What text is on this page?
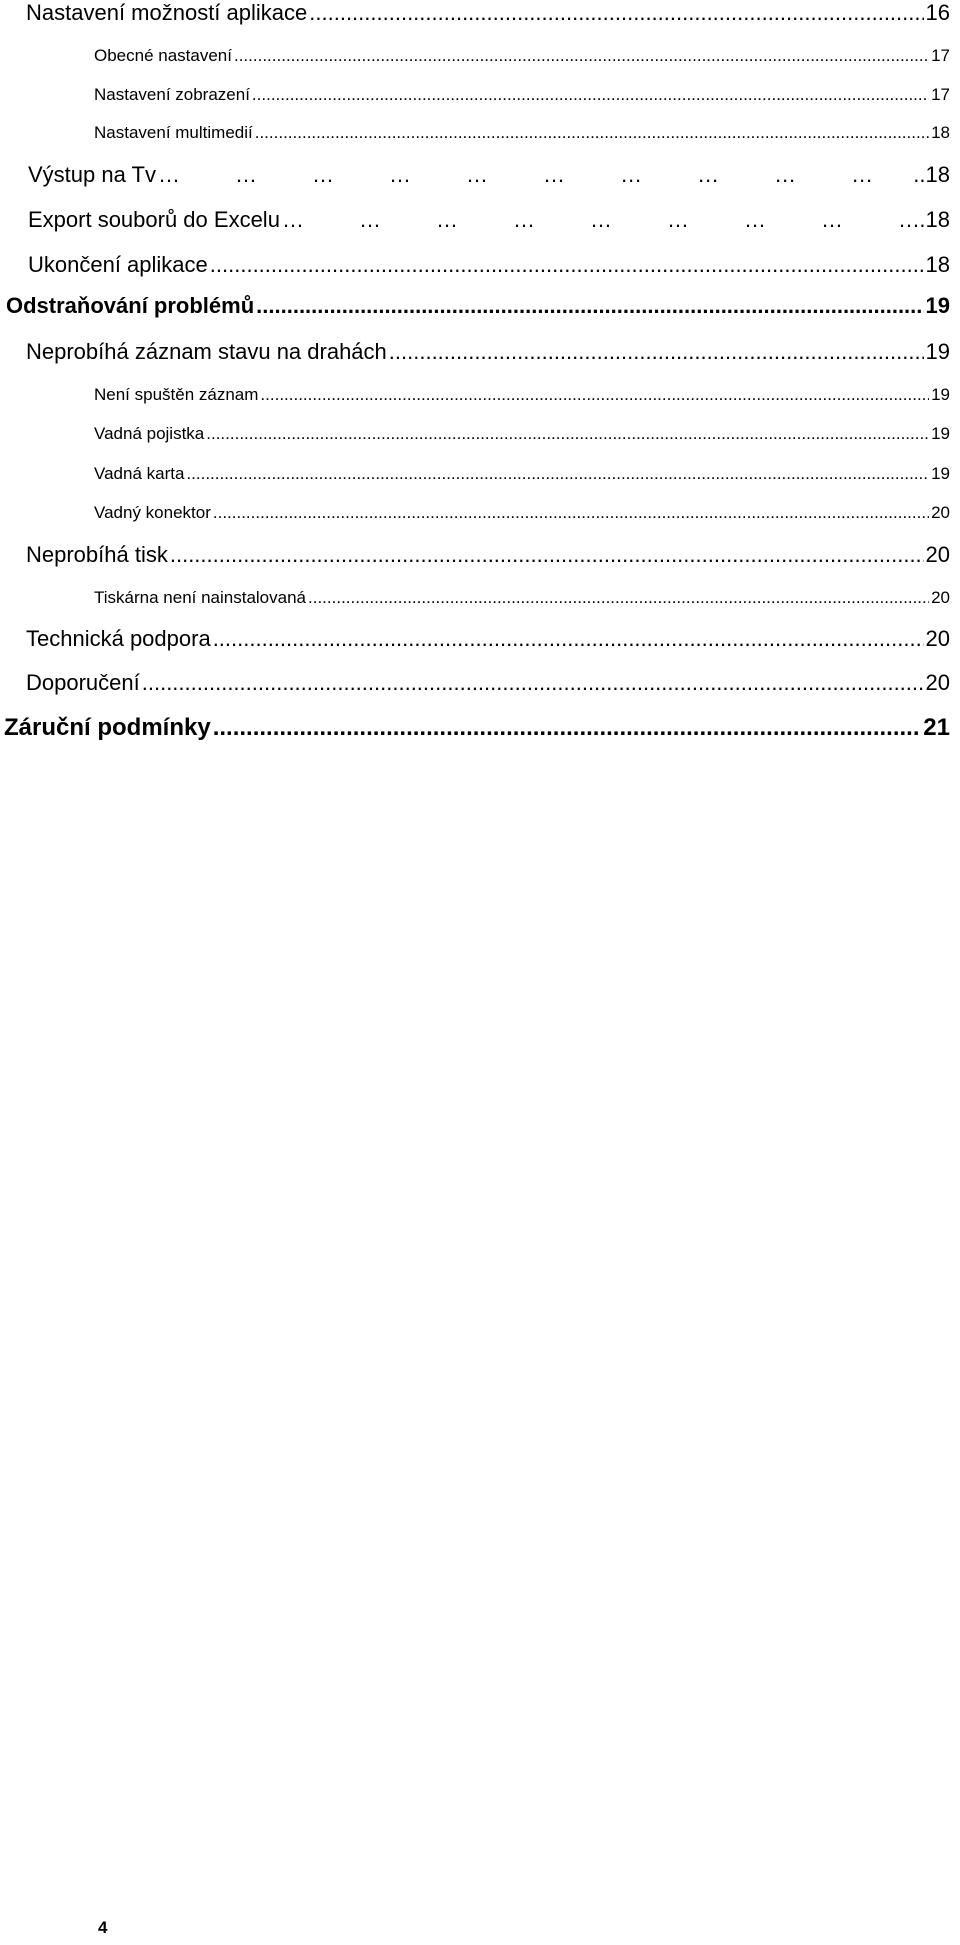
Nastavení možností aplikace .....	16
Obecné nastavení .....	17
Nastavení zobrazení .....	17
Nastavení multimedií .....	18
Výstup na Tv … … … … … … … … … … … … … … … … … … … … … … … … … … … … … … … … … … … … … … … …	..18
Export souborů do Excelu … … … … … … … … … … … … … … … … … … … … … … … … … … … … … … … … … … … … … … … …	.18
Ukončení aplikace .....	18
Odstraňování problémů .....	19
Neprobíhá záznam stavu na drahách .....	19
Není spuštěn záznam .....	19
Vadná pojistka .....	19
Vadná karta .....	19
Vadný konektor .....	20
Neprobíhá tisk .....	20
Tiskárna není nainstalovaná .....	20
Technická podpora .....	20
Doporučení .....	20
Záruční podmínky .....	21
4
